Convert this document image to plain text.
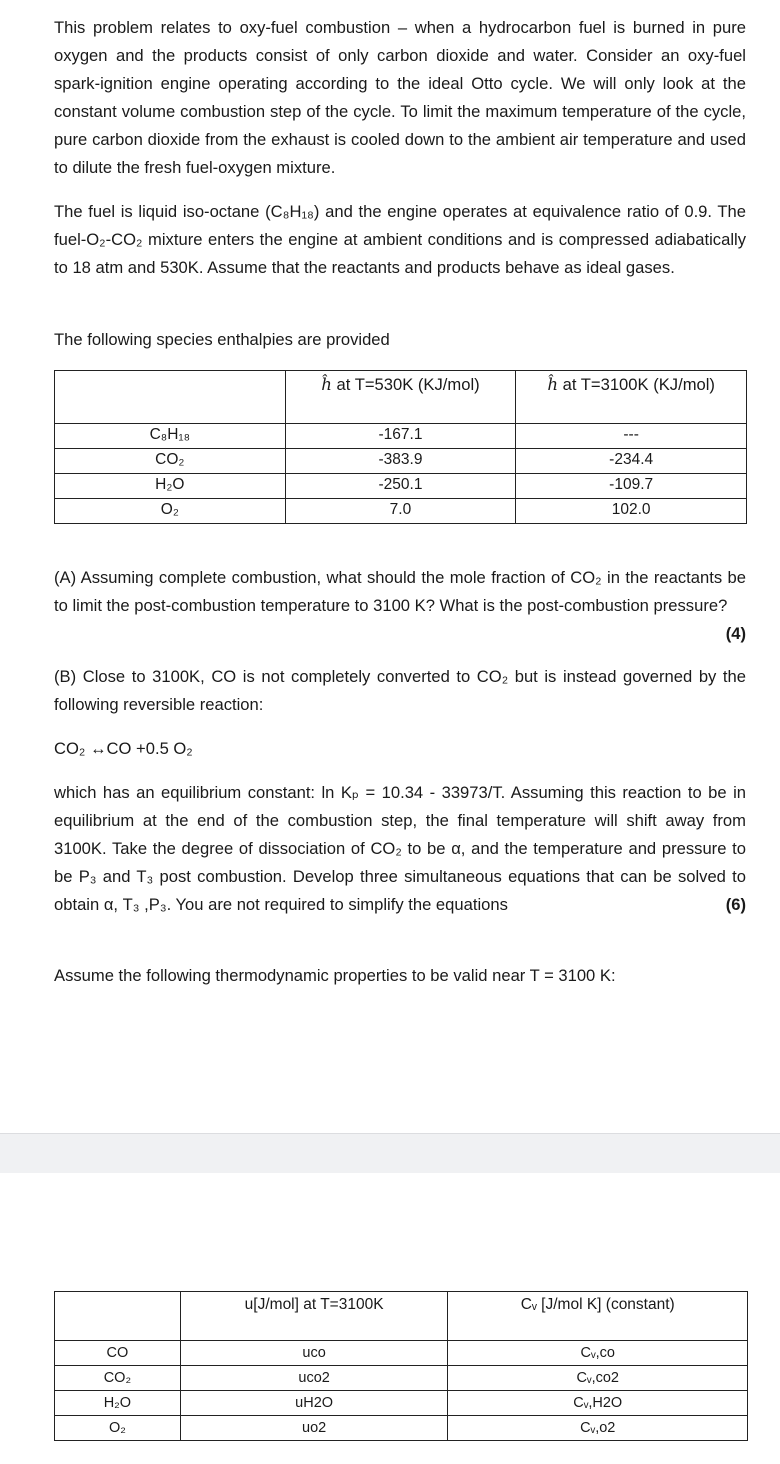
This problem relates to oxy-fuel combustion – when a hydrocarbon fuel is burned in pure oxygen and the products consist of only carbon dioxide and water. Consider an oxy-fuel spark-ignition engine operating according to the ideal Otto cycle. We will only look at the constant volume combustion step of the cycle. To limit the maximum temperature of the cycle, pure carbon dioxide from the exhaust is cooled down to the ambient air temperature and used to dilute the fresh fuel-oxygen mixture.

The fuel is liquid iso-octane (C₈H₁₈) and the engine operates at equivalence ratio of 0.9. The fuel-O₂-CO₂ mixture enters the engine at ambient conditions and is compressed adiabatically to 18 atm and 530K. Assume that the reactants and products behave as ideal gases.

The following species enthalpies are provided

	ĥ at T=530K (KJ/mol)	ĥ at T=3100K (KJ/mol)
C₈H₁₈	-167.1	---
CO₂	-383.9	-234.4
H₂O	-250.1	-109.7
O₂	7.0	102.0
(A) Assuming complete combustion, what should the mole fraction of CO₂ in the reactants be to limit the post-combustion temperature to 3100 K? What is the post-combustion pressure?
(4)

(B) Close to 3100K, CO is not completely converted to CO₂ but is instead governed by the following reversible reaction:

CO₂ ↔CO +0.5 O₂

which has an equilibrium constant: ln Kₚ = 10.34 - 33973/T. Assuming this reaction to be in equilibrium at the end of the combustion step, the final temperature will shift away from 3100K. Take the degree of dissociation of CO₂ to be α, and the temperature and pressure to be P₃ and T₃ post combustion. Develop three simultaneous equations that can be solved to obtain α, T₃ ,P₃. You are not required to simplify the equations	(6)

Assume the following thermodynamic properties to be valid near T = 3100 K:

	u[J/mol] at T=3100K	Cᵥ [J/mol K] (constant)
CO	uco	Cᵥ,co
CO₂	uco2	Cᵥ,co2
H₂O	uH2O	Cᵥ,H2O
O₂	uo2	Cᵥ,o2
